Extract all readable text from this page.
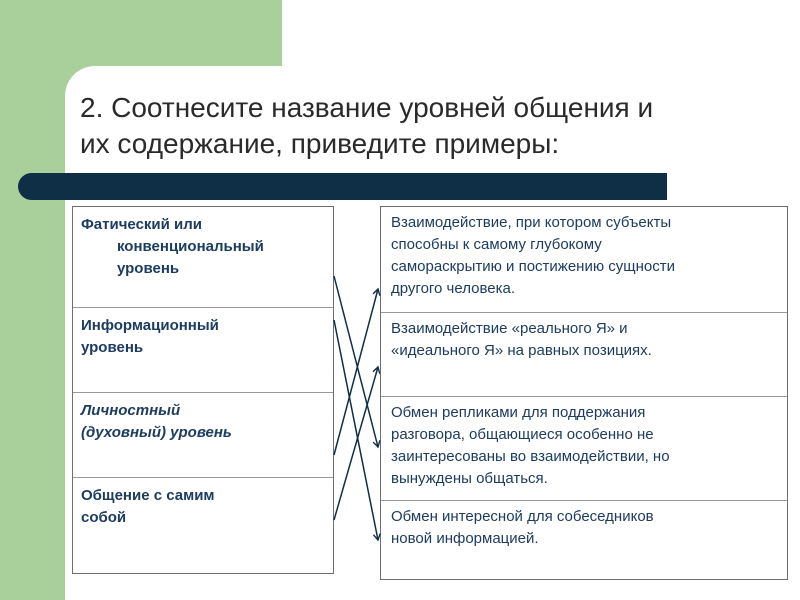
2. Соотнесите название уровней общения и
их содержание, приведите примеры:
Фатический или
конвенциональный
уровень
Информационный
уровень
Личностный
(духовный) уровень
Общение с самим
собой
Взаимодействие, при котором субъекты
способны к самому глубокому
самораскрытию и постижению сущности
другого человека.
Взаимодействие «реального Я» и
«идеального Я» на равных позициях.
Обмен репликами для поддержания
разговора, общающиеся особенно не
заинтересованы во взаимодействии, но
вынуждены общаться.
Обмен интересной для собеседников
новой информацией.
